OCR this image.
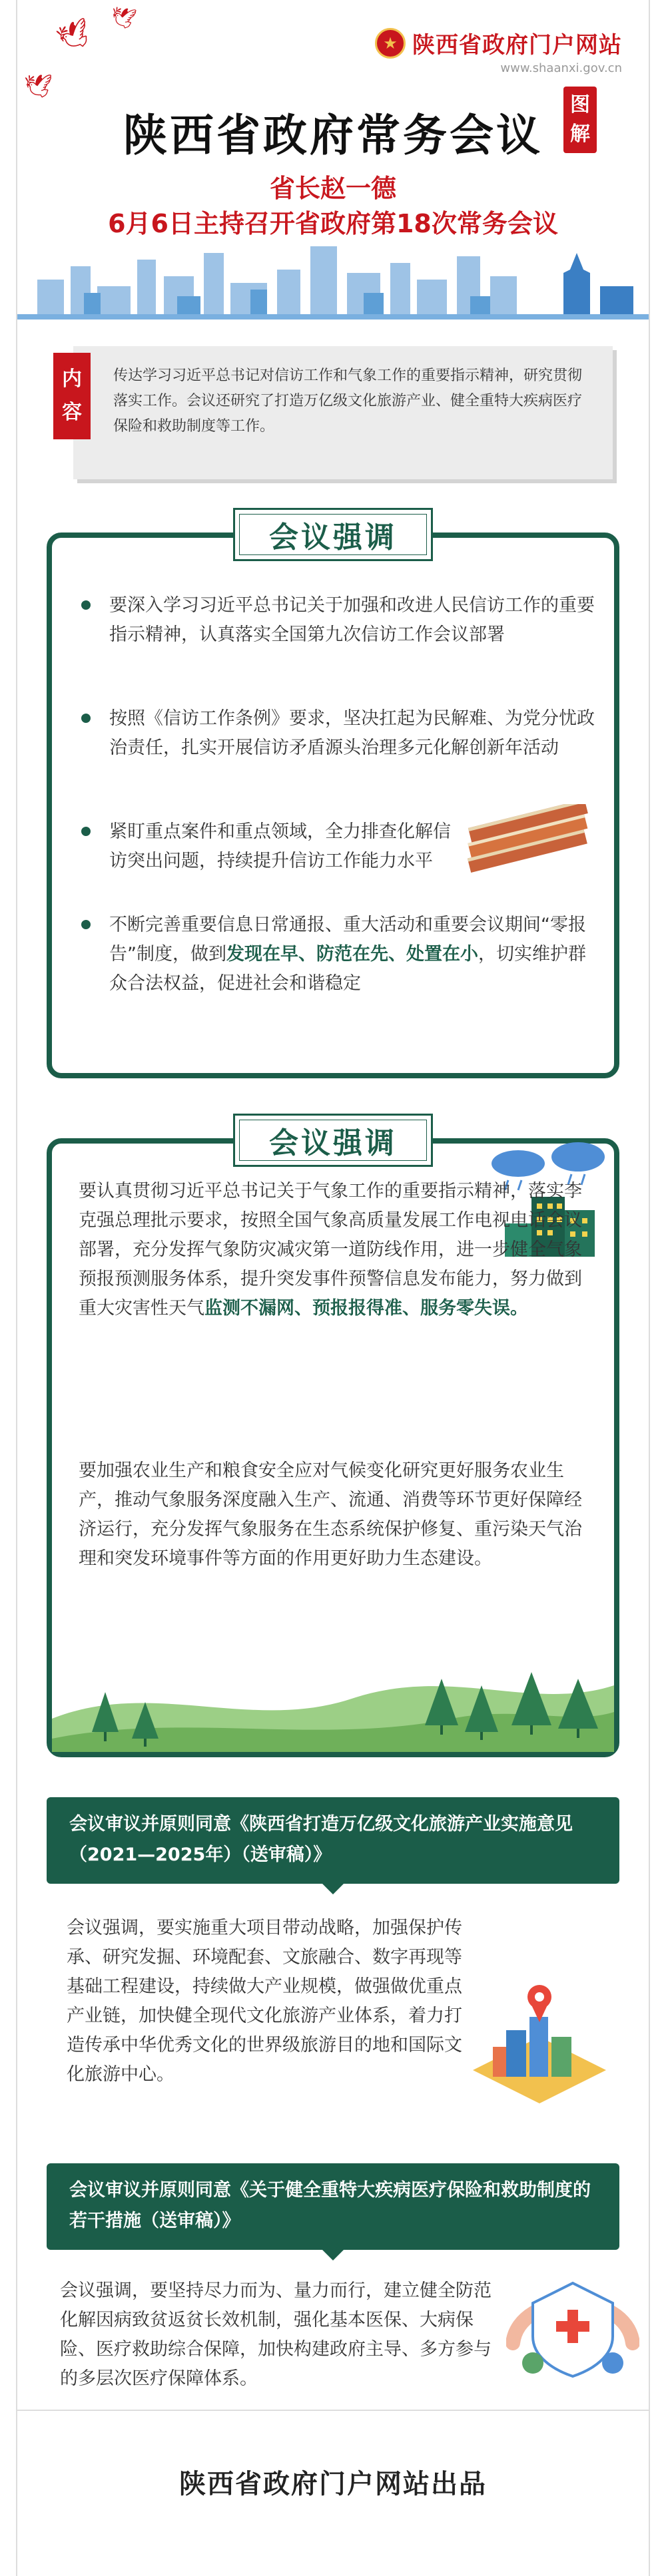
🕊 🕊
🕊
★ 陕西省政府门户网站
www.shaanxi.gov.cn
陕西省政府常务会议
图
解
省长赵一德
6月6日主持召开省政府第18次常务会议
传达学习习近平总书记对信访工作和气象工作的重要指示精神，研究贯彻落实工作。会议还研究了打造万亿级文化旅游产业、健全重特大疾病医疗保险和救助制度等工作。
内
容
会议强调
要深入学习习近平总书记关于加强和改进人民信访工作的重要指示精神，认真落实全国第九次信访工作会议部署
按照《信访工作条例》要求，坚决扛起为民解难、为党分忧政治责任，扎实开展信访矛盾源头治理多元化解创新年活动
紧盯重点案件和重点领域，全力排查化解信访突出问题，持续提升信访工作能力水平
不断完善重要信息日常通报、重大活动和重要会议期间“零报告”制度，做到发现在早、防范在先、处置在小，切实维护群众合法权益，促进社会和谐稳定
会议强调
要认真贯彻习近平总书记关于气象工作的重要指示精神，落实李克强总理批示要求，按照全国气象高质量发展工作电视电话会议部署，充分发挥气象防灾减灾第一道防线作用，进一步健全气象预报预测服务体系，提升突发事件预警信息发布能力，努力做到重大灾害性天气监测不漏网、预报报得准、服务零失误。
要加强农业生产和粮食安全应对气候变化研究更好服务农业生产，推动气象服务深度融入生产、流通、消费等环节更好保障经济运行，充分发挥气象服务在生态系统保护修复、重污染天气治理和突发环境事件等方面的作用更好助力生态建设。
会议审议并原则同意《陕西省打造万亿级文化旅游产业实施意见（2021—2025年）（送审稿）》
会议强调，要实施重大项目带动战略，加强保护传承、研究发掘、环境配套、文旅融合、数字再现等基础工程建设，持续做大产业规模，做强做优重点产业链，加快健全现代文化旅游产业体系，着力打造传承中华优秀文化的世界级旅游目的地和国际文化旅游中心。
会议审议并原则同意《关于健全重特大疾病医疗保险和救助制度的若干措施（送审稿）》
会议强调，要坚持尽力而为、量力而行，建立健全防范化解因病致贫返贫长效机制，强化基本医保、大病保险、医疗救助综合保障，加快构建政府主导、多方参与的多层次医疗保障体系。
陕西省政府门户网站出品
